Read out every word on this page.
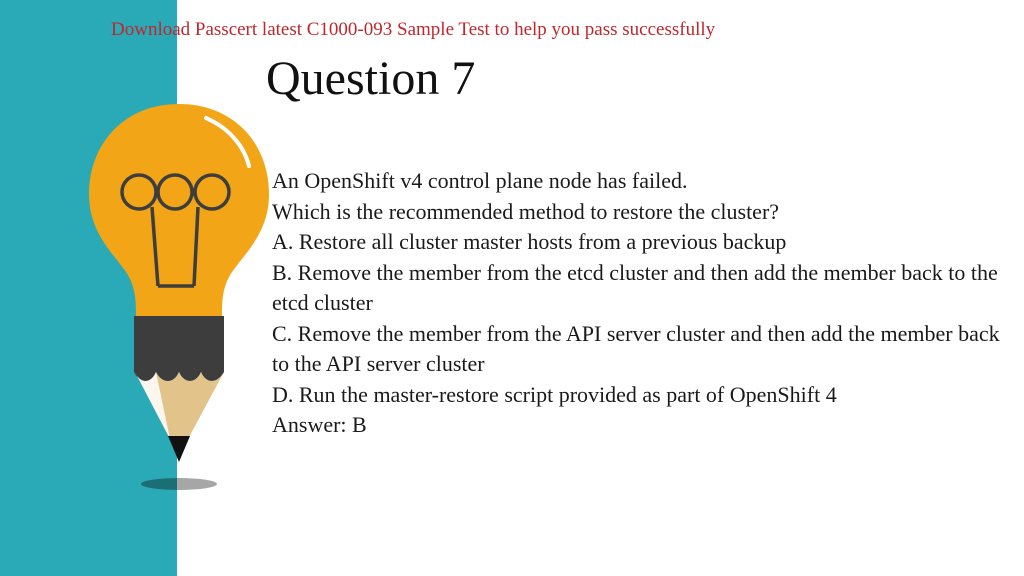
Download Passcert latest C1000-093 Sample Test to help you pass successfully
Question 7
An OpenShift v4 control plane node has failed.
Which is the recommended method to restore the cluster?
A. Restore all cluster master hosts from a previous backup
B. Remove the member from the etcd cluster and then add the member back to the etcd cluster
C. Remove the member from the API server cluster and then add the member back to the API server cluster
D. Run the master-restore script provided as part of OpenShift 4
Answer: B
